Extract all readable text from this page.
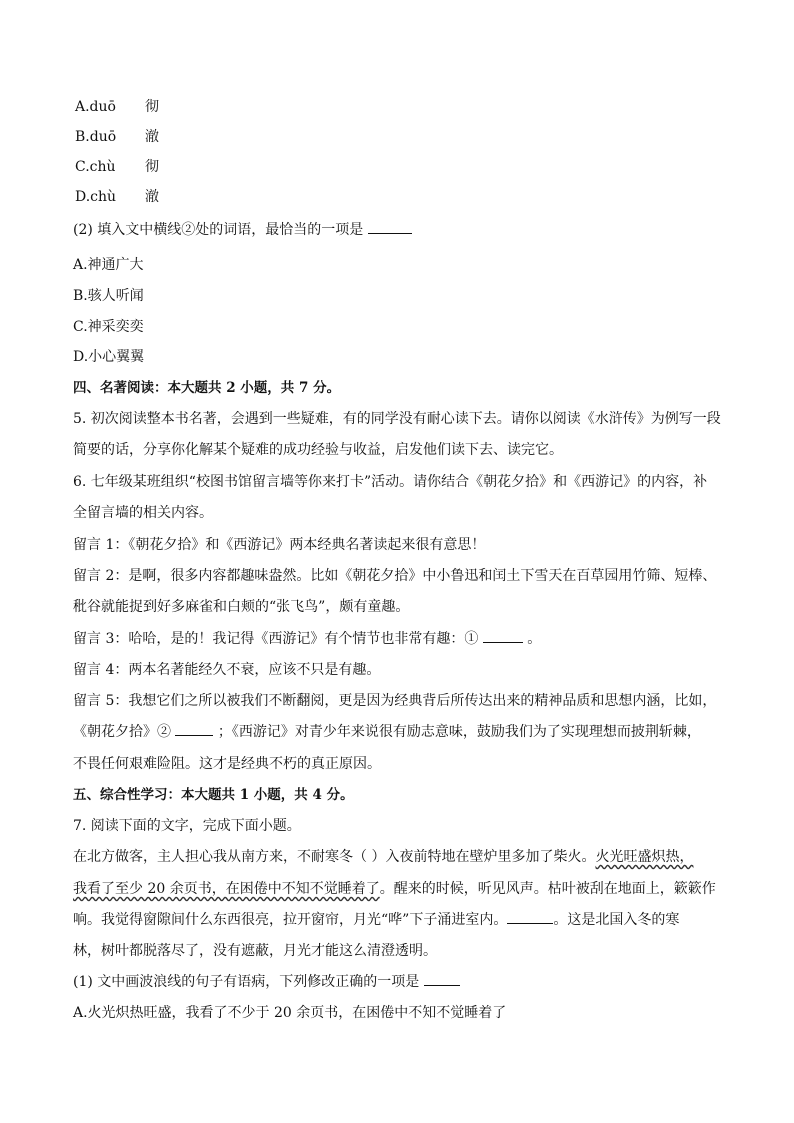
A.duō 彻
B.duō 澈
C.chù 彻
D.chù 澈
(2) 填入文中横线②处的词语，最恰当的一项是
A.神通广大
B.骇人听闻
C.神采奕奕
D.小心翼翼
四、名著阅读：本大题共 2 小题，共 7 分。
5. 初次阅读整本书名著，会遇到一些疑难，有的同学没有耐心读下去。请你以阅读《水浒传》为例写一段
简要的话，分享你化解某个疑难的成功经验与收益，启发他们读下去、读完它。
6. 七年级某班组织“校图书馆留言墙等你来打卡”活动。请你结合《朝花夕拾》和《西游记》的内容，补
全留言墙的相关内容。
留言 1：《朝花夕拾》和《西游记》两本经典名著读起来很有意思！
留言 2：是啊，很多内容都趣味盎然。比如《朝花夕拾》中小鲁迅和闰土下雪天在百草园用竹筛、短棒、
秕谷就能捉到好多麻雀和白颊的“张飞鸟”，颇有童趣。
留言 3：哈哈，是的！我记得《西游记》有个情节也非常有趣：①	。
留言 4：两本名著能经久不衰，应该不只是有趣。
留言 5：我想它们之所以被我们不断翻阅，更是因为经典背后所传达出来的精神品质和思想内涵，比如，
《朝花夕拾》②	；《西游记》对青少年来说很有励志意味，鼓励我们为了实现理想而披荆斩棘，
不畏任何艰难险阻。这才是经典不朽的真正原因。
五、综合性学习：本大题共 1 小题，共 4 分。
7. 阅读下面的文字，完成下面小题。
在北方做客，主人担心我从南方来，不耐寒冬（ ）入夜前特地在壁炉里多加了柴火。火光旺盛炽热，
我看了至少 20 余页书，在困倦中不知不觉睡着了。醒来的时候，听见风声。枯叶被刮在地面上，簌簌作
响。我觉得窗隙间什么东西很亮，拉开窗帘，月光“哗”下子涌进室内。	。这是北国入冬的寒
林，树叶都脱落尽了，没有遮蔽，月光才能这么清澄透明。
(1) 文中画波浪线的句子有语病，下列修改正确的一项是
A.火光炽热旺盛，我看了不少于 20 余页书，在困倦中不知不觉睡着了
